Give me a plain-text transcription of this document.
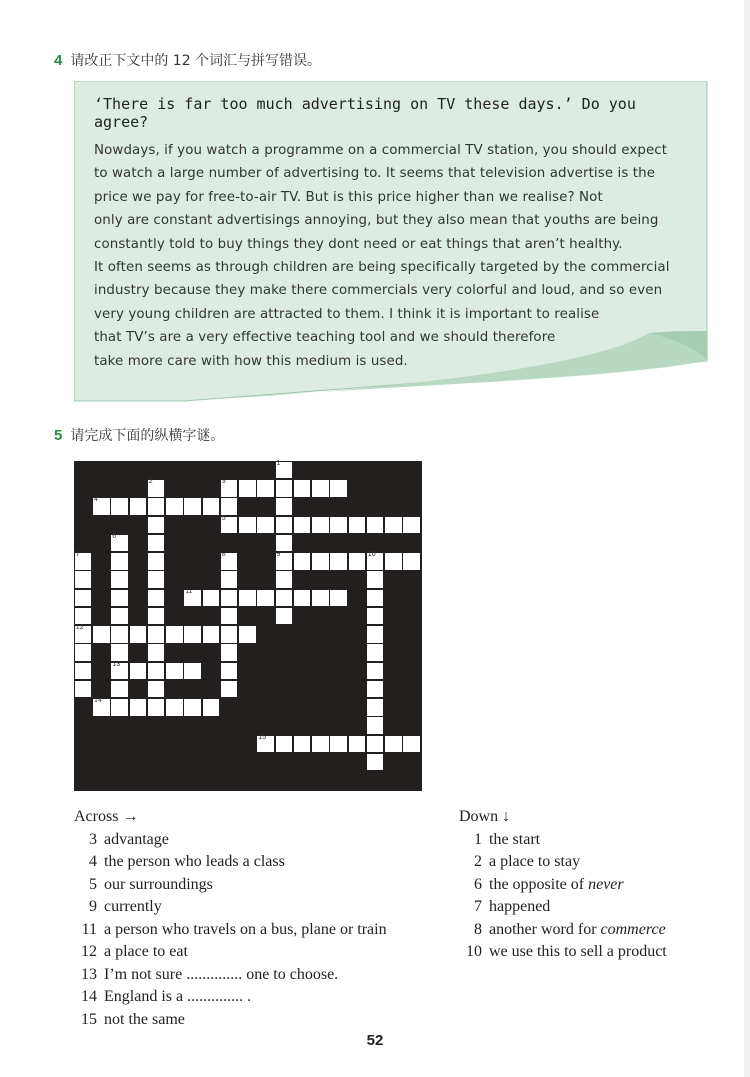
4 请改正下文中的 12 个词汇与拼写错误。

‘There is far too much advertising on TV these days.’ Do you agree?

Nowdays, if you watch a programme on a commercial TV station, you should expect
to watch a large number of advertising to. It seems that television advertise is the
price we pay for free-to-air TV. But is this price higher than we realise? Not
only are constant advertisings annoying, but they also mean that youths are being
constantly told to buy things they dont need or eat things that aren’t healthy.
It often seems as through children are being specifically targeted by the commercial
industry because they make there commercials very colorful and loud, and so even
very young children are attracted to them. I think it is important to realise
that TV’s are a very effective teaching tool and we should therefore
take more care with how this medium is used.
5 请完成下面的纵横字谜。
3
4
5
9	10
11
12
13
14
15
1
2
6
7	8
Across →
3 advantage
4 the person who leads a class
5 our surroundings
9 currently
11 a person who travels on a bus, plane or train
12 a place to eat
13 I’m not sure .............. one to choose.
14 England is a .............. .
15 not the same
Down ↓
1 the start
2 a place to stay
6 the opposite of never
7 happened
8 another word for commerce
10 we use this to sell a product
52
